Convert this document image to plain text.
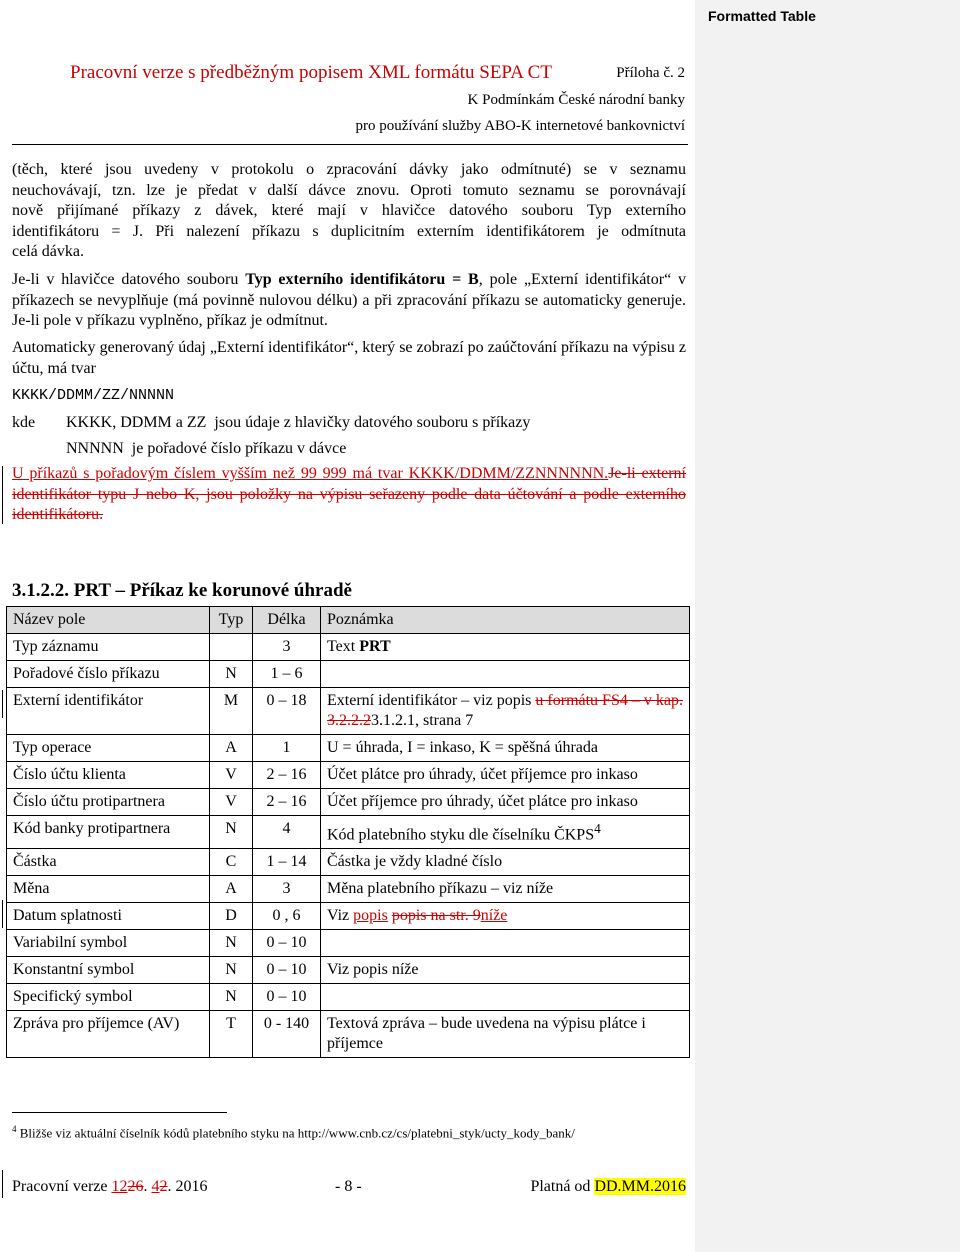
Formatted Table
Pracovní verze s předběžným popisem XML formátu SEPA CT	Příloha č. 2
K Podmínkám České národní banky
pro používání služby ABO-K internetové bankovnictví
(těch, které jsou uvedeny v protokolu o zpracování dávky jako odmítnuté) se v seznamu
neuchovávají, tzn. lze je předat v další dávce znovu. Oproti tomuto seznamu se porovnávají
nově přijímané příkazy z dávek, které mají v hlavičce datového souboru Typ externího
identifikátoru = J. Při nalezení příkazu s duplicitním externím identifikátorem je odmítnuta
celá dávka.
Je-li v hlavičce datového souboru Typ externího identifikátoru = B, pole „Externí identifikátor“ v příkazech se nevyplňuje (má povinně nulovou délku) a při zpracování příkazu se automaticky generuje. Je-li pole v příkazu vyplněno, příkaz je odmítnut.
Automaticky generovaný údaj „Externí identifikátor“, který se zobrazí po zaúčtování příkazu na výpisu z účtu, má tvar
KKKK/DDMM/ZZ/NNNNN
kde KKKK, DDMM a ZZ  jsou údaje z hlavičky datového souboru s příkazy
NNNNN  je pořadové číslo příkazu v dávce
U příkazů s pořadovým číslem vyšším než 99 999 má tvar KKKK/DDMM/ZZNNNNNN.Je-li externí identifikátor typu J nebo K, jsou položky na výpisu seřazeny podle data účtování a podle externího identifikátoru.
3.1.2.2. PRT – Příkaz ke korunové úhradě
Název pole	Typ	Délka	Poznámka
Typ záznamu		3	Text PRT
Pořadové číslo příkazu	N	1 – 6	
Externí identifikátor	M	0 – 18	Externí identifikátor – viz popis u formátu FS4 – v kap. 3.2.2.23.1.2.1, strana 7
Typ operace	A	1	U = úhrada, I = inkaso, K = spěšná úhrada
Číslo účtu klienta	V	2 – 16	Účet plátce pro úhrady, účet příjemce pro inkaso
Číslo účtu protipartnera	V	2 – 16	Účet příjemce pro úhrady, účet plátce pro inkaso
Kód banky protipartnera	N	4	Kód platebního styku dle číselníku ČKPS$^4$
Částka	C	1 – 14	Částka je vždy kladné číslo
Měna	A	3	Měna platebního příkazu – viz níže
Datum splatnosti	D	0 , 6	Viz popis popis na str. 9níže
Variabilní symbol	N	0 – 10	
Konstantní symbol	N	0 – 10	Viz popis níže
Specifický symbol	N	0 – 10	
Zpráva pro příjemce (AV)	T	0 - 140	Textová zpráva – bude uvedena na výpisu plátce i příjemce
$^4$ Bližše viz aktuální číselník kódů platebního styku na http://www.cnb.cz/cs/platebni_styk/ucty_kody_bank/
Pracovní verze 1226. 42. 2016	- 8 -	Platná od DD.MM.2016
